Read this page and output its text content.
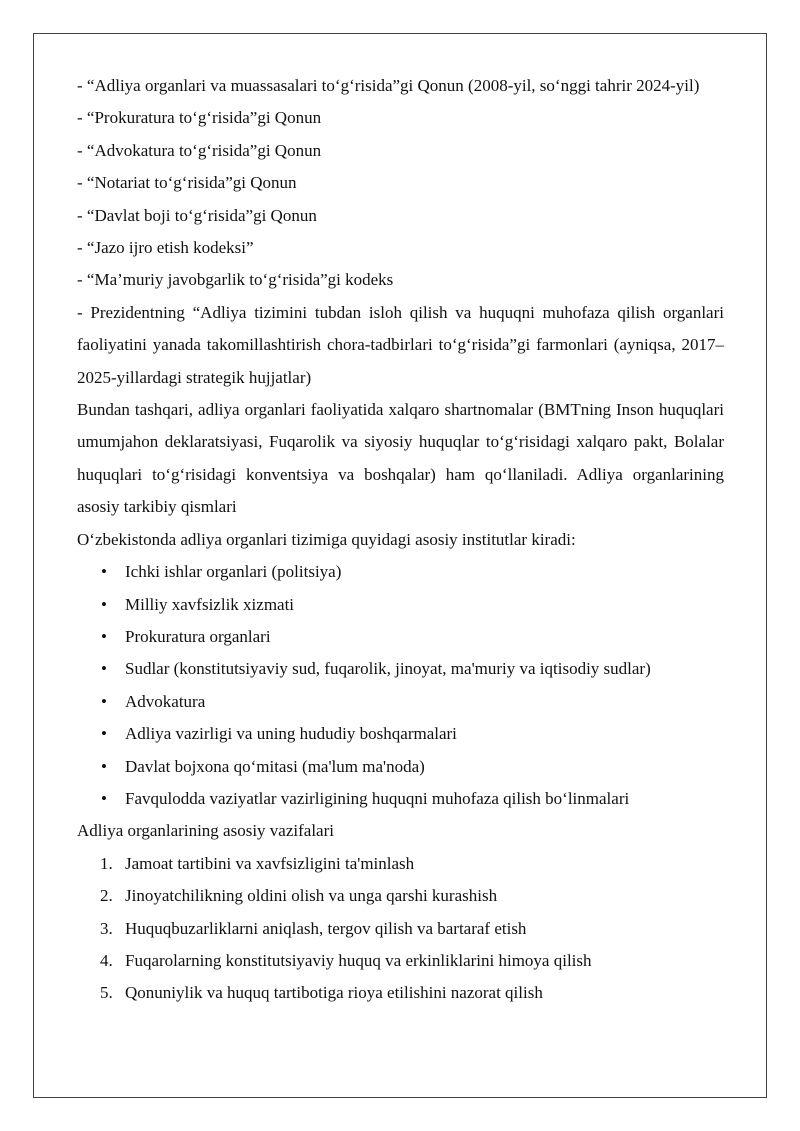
- “Adliya organlari va muassasalari to‘g‘risida”gi Qonun (2008-yil, so‘nggi tahrir 2024-yil)

- “Prokuratura to‘g‘risida”gi Qonun

- “Advokatura to‘g‘risida”gi Qonun

- “Notariat to‘g‘risida”gi Qonun

- “Davlat boji to‘g‘risida”gi Qonun

- “Jazo ijro etish kodeksi”

- “Ma’muriy javobgarlik to‘g‘risida”gi kodeks

- Prezidentning “Adliya tizimini tubdan isloh qilish va huquqni muhofaza qilish organlari faoliyatini yanada takomillashtirish chora-tadbirlari to‘g‘risida”gi farmonlari (ayniqsa, 2017–2025-yillardagi strategik hujjatlar)

Bundan tashqari, adliya organlari faoliyatida xalqaro shartnomalar (BMTning Inson huquqlari umumjahon deklaratsiyasi, Fuqarolik va siyosiy huquqlar to‘g‘risidagi xalqaro pakt, Bolalar huquqlari to‘g‘risidagi konventsiya va boshqalar) ham qo‘llaniladi. Adliya organlarining asosiy tarkibiy qismlari

O‘zbekistonda adliya organlari tizimiga quyidagi asosiy institutlar kiradi:

• Ichki ishlar organlari (politsiya)
• Milliy xavfsizlik xizmati
• Prokuratura organlari
• Sudlar (konstitutsiyaviy sud, fuqarolik, jinoyat, ma'muriy va iqtisodiy sudlar)
• Advokatura
• Adliya vazirligi va uning hududiy boshqarmalari
• Davlat bojxona qo‘mitasi (ma'lum ma'noda)
• Favqulodda vaziyatlar vazirligining huquqni muhofaza qilish bo‘linmalari

Adliya organlarining asosiy vazifalari

1. Jamoat tartibini va xavfsizligini ta'minlash
2. Jinoyatchilikning oldini olish va unga qarshi kurashish
3. Huquqbuzarliklarni aniqlash, tergov qilish va bartaraf etish
4. Fuqarolarning konstitutsiyaviy huquq va erkinliklarini himoya qilish
5. Qonuniylik va huquq tartibotiga rioya etilishini nazorat qilish
